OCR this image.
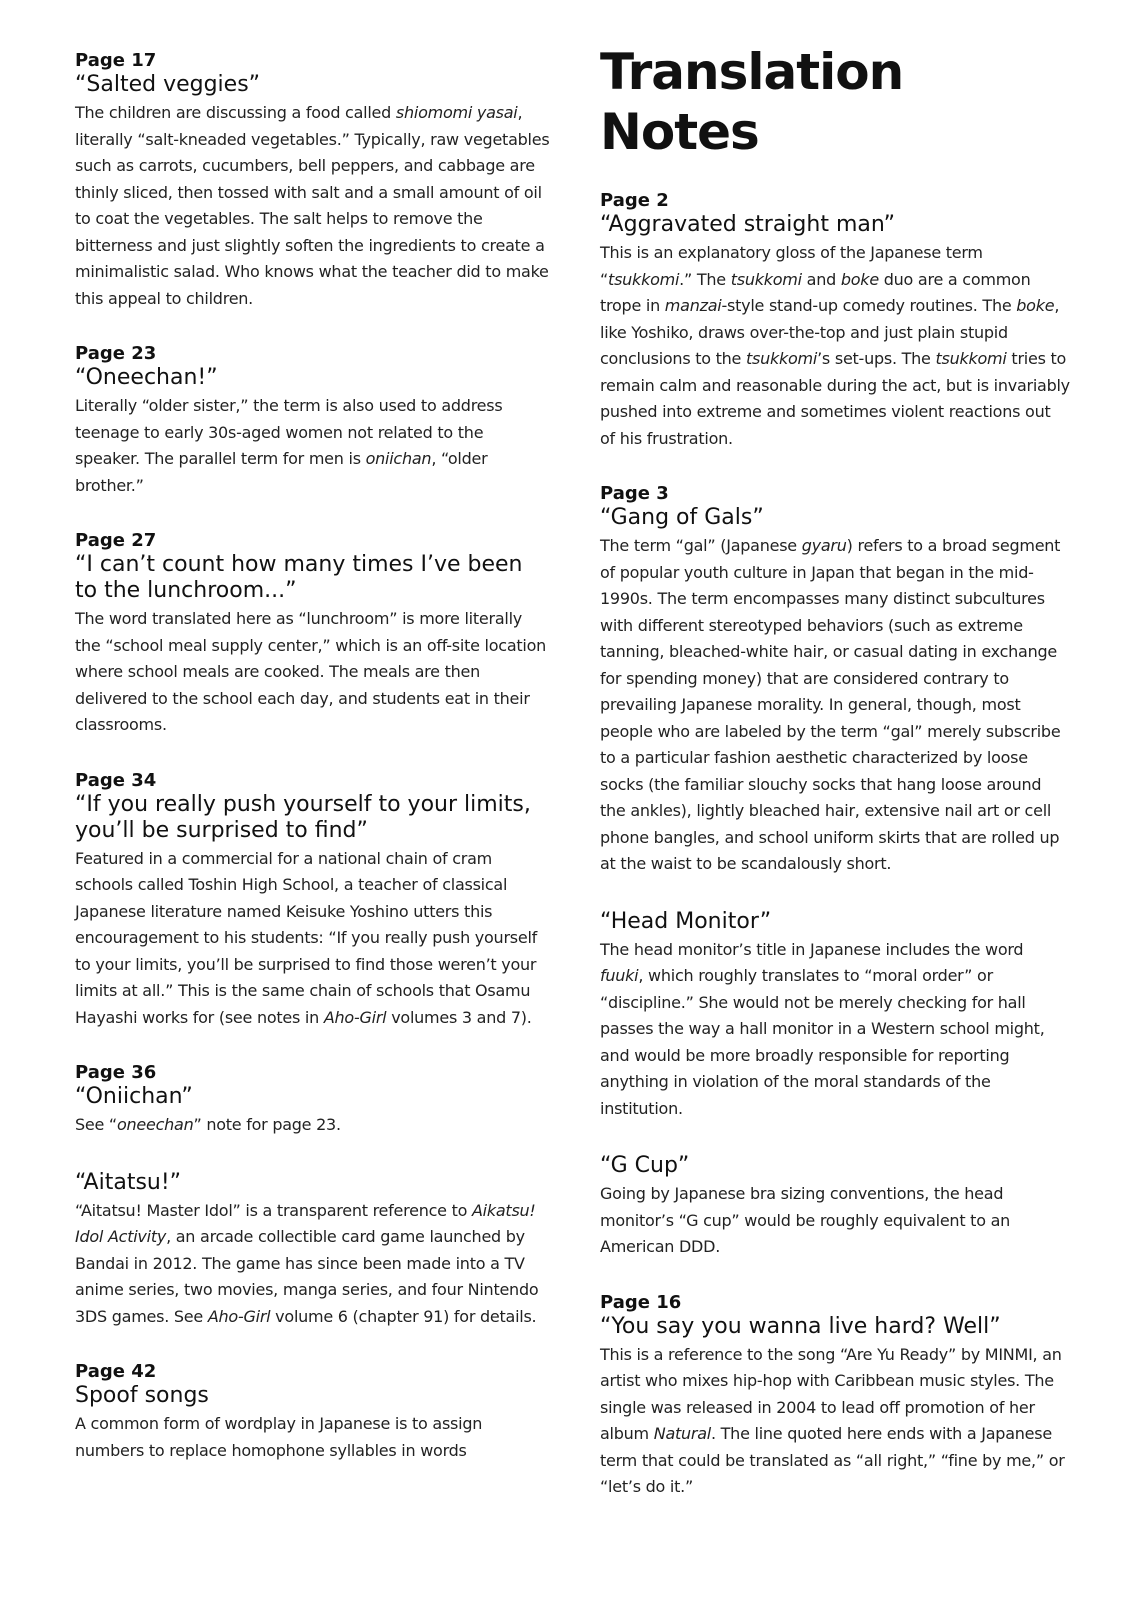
Page 17
“Salted veggies”

The children are discussing a food called shiomomi yasai, literally “salt-kneaded vegetables.” Typically, raw vegetables such as carrots, cucumbers, bell peppers, and cabbage are thinly sliced, then tossed with salt and a small amount of oil to coat the vegetables. The salt helps to remove the bitterness and just slightly soften the ingredients to create a minimalistic salad. Who knows what the teacher did to make this appeal to children.

Page 23
“Oneechan!”

Literally “older sister,” the term is also used to address teenage to early 30s-aged women not related to the speaker. The parallel term for men is oniichan, “older brother.”

Page 27
“I can’t count how many times I’ve been to the lunchroom...”

The word translated here as “lunchroom” is more literally the “school meal supply center,” which is an off-site location where school meals are cooked. The meals are then delivered to the school each day, and students eat in their classrooms.

Page 34
“If you really push yourself to your limits, you’ll be surprised to find”

Featured in a commercial for a national chain of cram schools called Toshin High School, a teacher of classical Japanese literature named Keisuke Yoshino utters this encouragement to his students: “If you really push yourself to your limits, you’ll be surprised to find those weren’t your limits at all.” This is the same chain of schools that Osamu Hayashi works for (see notes in Aho-Girl volumes 3 and 7).

Page 36
“Oniichan”

See “oneechan” note for page 23.

“Aitatsu!”

“Aitatsu! Master Idol” is a transparent reference to Aikatsu! Idol Activity, an arcade collectible card game launched by Bandai in 2012. The game has since been made into a TV anime series, two movies, manga series, and four Nintendo 3DS games. See Aho-Girl volume 6 (chapter 91) for details.

Page 42
Spoof songs

A common form of wordplay in Japanese is to assign numbers to replace homophone syllables in words

Translation Notes
Page 2
“Aggravated straight man”

This is an explanatory gloss of the Japanese term “tsukkomi.” The tsukkomi and boke duo are a common trope in manzai-style stand-up comedy routines. The boke, like Yoshiko, draws over-the-top and just plain stupid conclusions to the tsukkomi’s set-ups. The tsukkomi tries to remain calm and reasonable during the act, but is invariably pushed into extreme and sometimes violent reactions out of his frustration.

Page 3
“Gang of Gals”

The term “gal” (Japanese gyaru) refers to a broad segment of popular youth culture in Japan that began in the mid-1990s. The term encompasses many distinct subcultures with different stereotyped behaviors (such as extreme tanning, bleached-white hair, or casual dating in exchange for spending money) that are considered contrary to prevailing Japanese morality. In general, though, most people who are labeled by the term “gal” merely subscribe to a particular fashion aesthetic characterized by loose socks (the familiar slouchy socks that hang loose around the ankles), lightly bleached hair, extensive nail art or cell phone bangles, and school uniform skirts that are rolled up at the waist to be scandalously short.

“Head Monitor”

The head monitor’s title in Japanese includes the word fuuki, which roughly translates to “moral order” or “discipline.” She would not be merely checking for hall passes the way a hall monitor in a Western school might, and would be more broadly responsible for reporting anything in violation of the moral standards of the institution.

“G Cup”

Going by Japanese bra sizing conventions, the head monitor’s “G cup” would be roughly equivalent to an American DDD.

Page 16
“You say you wanna live hard? Well”

This is a reference to the song “Are Yu Ready” by MINMI, an artist who mixes hip-hop with Caribbean music styles. The single was released in 2004 to lead off promotion of her album Natural. The line quoted here ends with a Japanese term that could be translated as “all right,” “fine by me,” or “let’s do it.”
